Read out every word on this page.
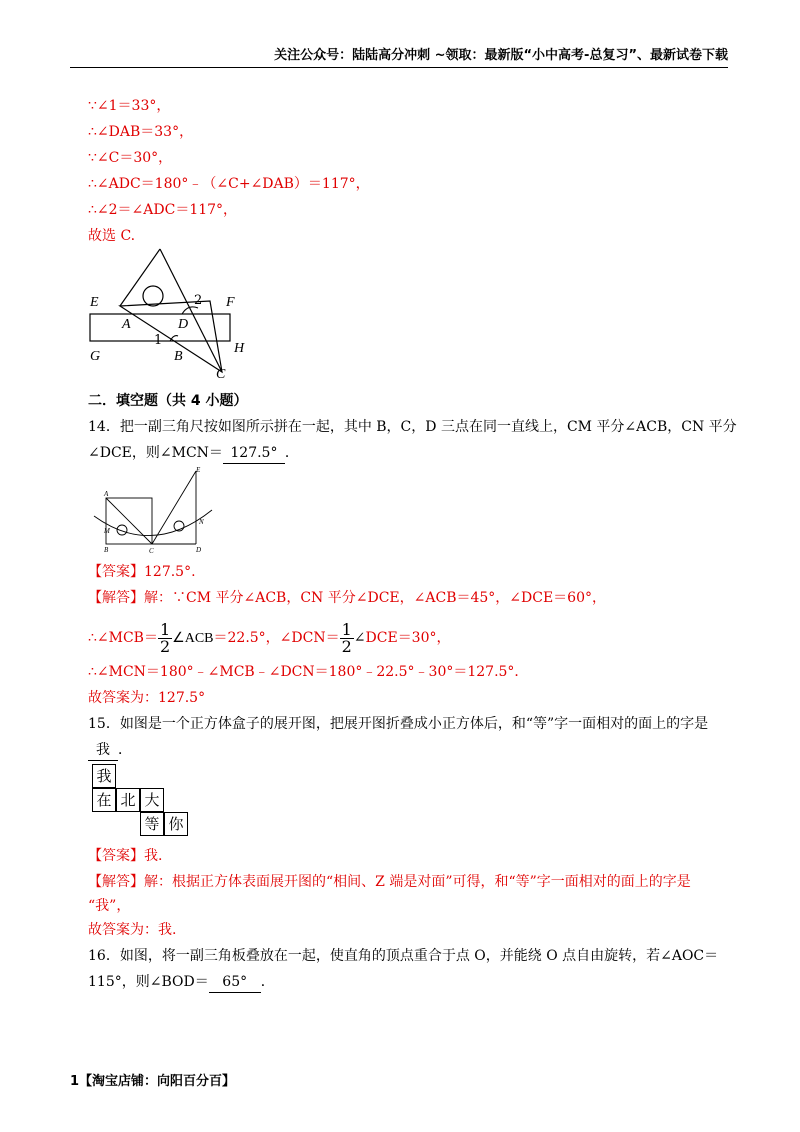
关注公众号：陆陆高分冲刺 ~领取：最新版“小中高考-总复习”、最新试卷下载
∵∠1＝33°，
∴∠DAB＝33°，
∵∠C＝30°，
∴∠ADC＝180°﹣（∠C+∠DAB）＝117°，
∴∠2＝∠ADC＝117°，
故选 C.
E	F
A	D
2
1
G	B
H
C
二．填空题（共 4 小题）
14．把一副三角尺按如图所示拼在一起，其中 B，C，D 三点在同一直线上，CM 平分∠ACB，CN 平分
∠DCE，则∠MCN＝ 127.5° ．
A
E
M
N
B	C	D
【答案】127.5°.
【解答】解：∵CM 平分∠ACB，CN 平分∠DCE，∠ACB＝45°，∠DCE＝60°，
∴∠MCB＝ $\frac{1}{2}$ ∠ACB＝22.5°，∠DCN＝ $\frac{1}{2}$ ∠DCE＝30°，
∴∠MCN＝180°﹣∠MCB﹣∠DCN＝180°﹣22.5°﹣30°＝127.5°．
故答案为：127.5°
15．如图是一个正方体盒子的展开图，把展开图折叠成小正方体后，和“等”字一面相对的面上的字是
我 ．
我
在 北 大
等 你
【答案】我.
【解答】解：根据正方体表面展开图的“相间、Z 端是对面”可得，和“等”字一面相对的面上的字是
“我”，
故答案为：我.
16．如图，将一副三角板叠放在一起，使直角的顶点重合于点 O，并能绕 O 点自由旋转，若∠AOC＝
115°，则∠BOD＝ 65° ．
1【淘宝店铺：向阳百分百】
